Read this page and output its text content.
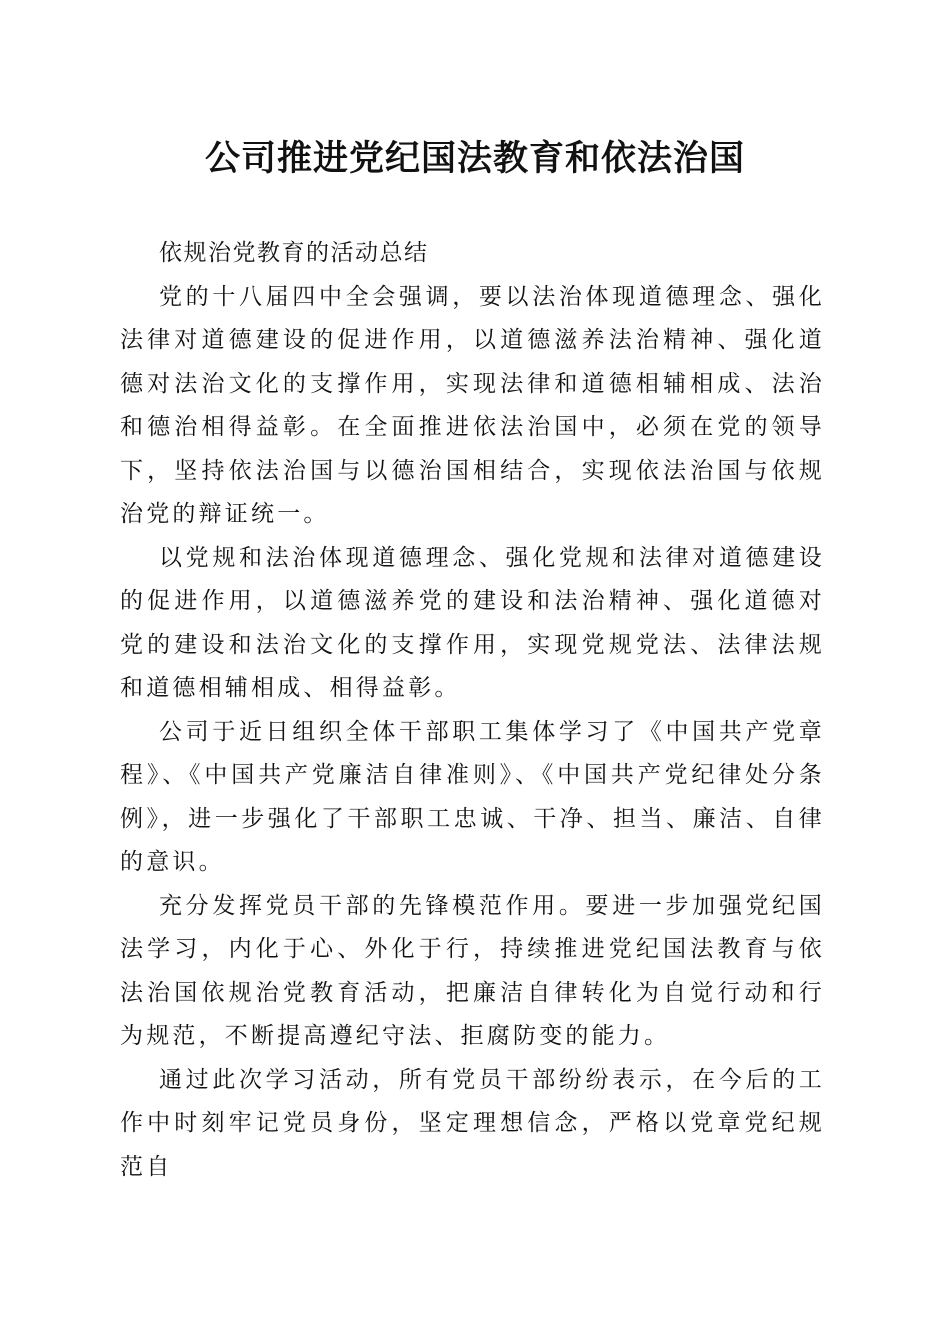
公司推进党纪国法教育和依法治国

依规治党教育的活动总结

党的十八届四中全会强调，要以法治体现道德理念、强化法律对道德建设的促进作用，以道德滋养法治精神、强化道德对法治文化的支撑作用，实现法律和道德相辅相成、法治和德治相得益彰。在全面推进依法治国中，必须在党的领导下，坚持依法治国与以德治国相结合，实现依法治国与依规治党的辩证统一。

以党规和法治体现道德理念、强化党规和法律对道德建设的促进作用，以道德滋养党的建设和法治精神、强化道德对党的建设和法治文化的支撑作用，实现党规党法、法律法规和道德相辅相成、相得益彰。

公司于近日组织全体干部职工集体学习了《中国共产党章程》、《中国共产党廉洁自律准则》、《中国共产党纪律处分条例》，进一步强化了干部职工忠诚、干净、担当、廉洁、自律的意识。

充分发挥党员干部的先锋模范作用。要进一步加强党纪国法学习，内化于心、外化于行，持续推进党纪国法教育与依法治国依规治党教育活动，把廉洁自律转化为自觉行动和行为规范，不断提高遵纪守法、拒腐防变的能力。

通过此次学习活动，所有党员干部纷纷表示，在今后的工作中时刻牢记党员身份，坚定理想信念，严格以党章党纪规范自
